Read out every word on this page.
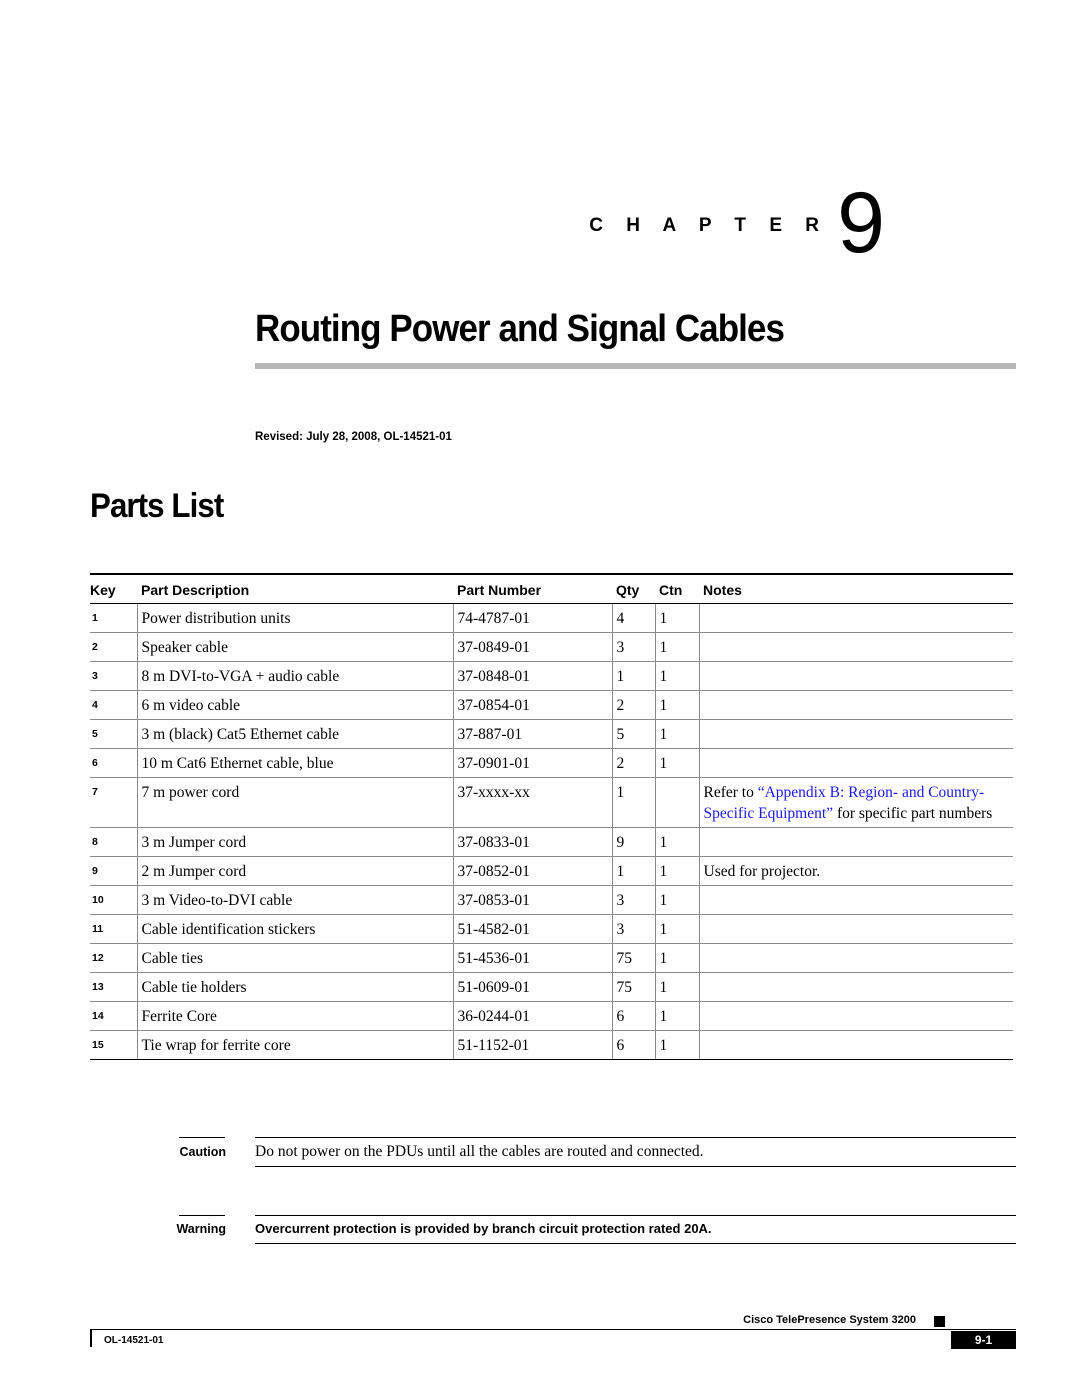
C H A P T E R 9
Routing Power and Signal Cables
Revised: July 28, 2008, OL-14521-01
Parts List
Key	Part Description	Part Number	Qty	Ctn	Notes
1	Power distribution units	74-4787-01	4	1	
2	Speaker cable	37-0849-01	3	1	
3	8 m DVI-to-VGA + audio cable	37-0848-01	1	1	
4	6 m video cable	37-0854-01	2	1	
5	3 m (black) Cat5 Ethernet cable	37-887-01	5	1	
6	10 m Cat6 Ethernet cable, blue	37-0901-01	2	1	
7	7 m power cord	37-xxxx-xx	1		Refer to “Appendix B: Region- and Country-Specific Equipment” for specific part numbers
8	3 m Jumper cord	37-0833-01	9	1	
9	2 m Jumper cord	37-0852-01	1	1	Used for projector.
10	3 m Video-to-DVI cable	37-0853-01	3	1	
11	Cable identification stickers	51-4582-01	3	1	
12	Cable ties	51-4536-01	75	1	
13	Cable tie holders	51-0609-01	75	1	
14	Ferrite Core	36-0244-01	6	1	
15	Tie wrap for ferrite core	51-1152-01	6	1	
Caution Do not power on the PDUs until all the cables are routed and connected.
Warning Overcurrent protection is provided by branch circuit protection rated 20A.
Cisco TelePresence System 3200
OL-14521-01	9-1
